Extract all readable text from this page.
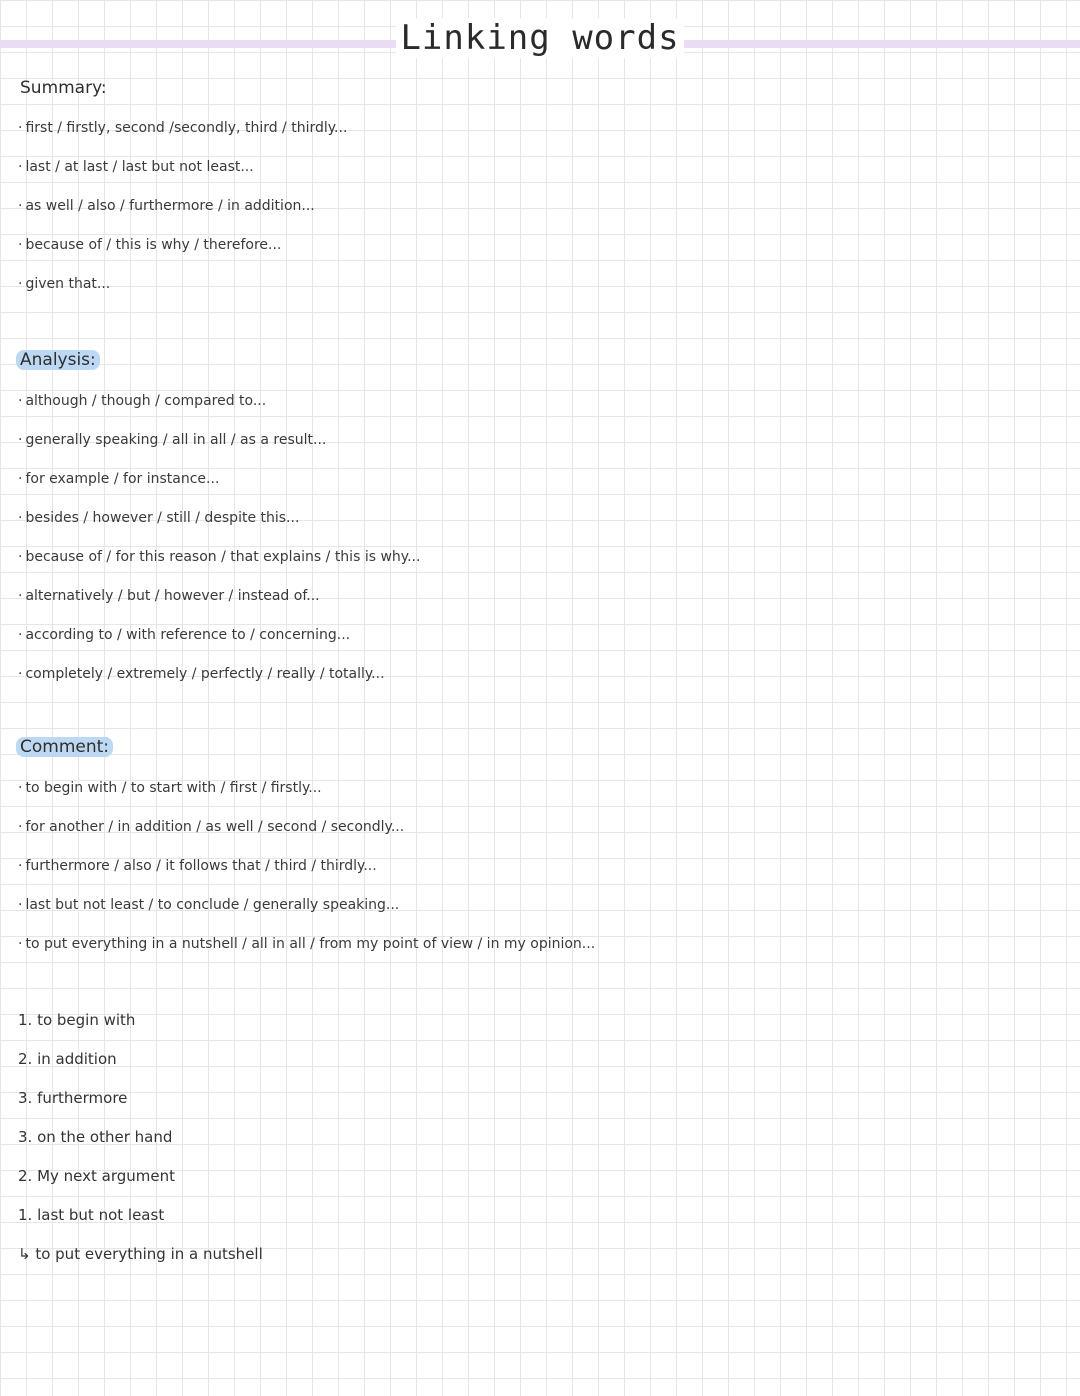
Linking words
Summary:
· first / firstly, second /secondly, third / thirdly...
· last / at last / last but not least...
· as well / also / furthermore / in addition...
· because of / this is why / therefore...
· given that...
Analysis:
· although / though / compared to...
· generally speaking / all in all / as a result...
· for example / for instance...
· besides / however / still / despite this...
· because of / for this reason / that explains / this is why...
· alternatively / but / however / instead of...
· according to / with reference to / concerning...
· completely / extremely / perfectly / really / totally...
Comment:
· to begin with / to start with / first / firstly...
· for another / in addition / as well / second / secondly...
· furthermore / also / it follows that / third / thirdly...
· last but not least / to conclude / generally speaking...
· to put everything in a nutshell / all in all / from my point of view / in my opinion...
1. to begin with
2. in addition
3. furthermore
3. on the other hand
2. My next argument
1. last but not least
↳ to put everything in a nutshell
